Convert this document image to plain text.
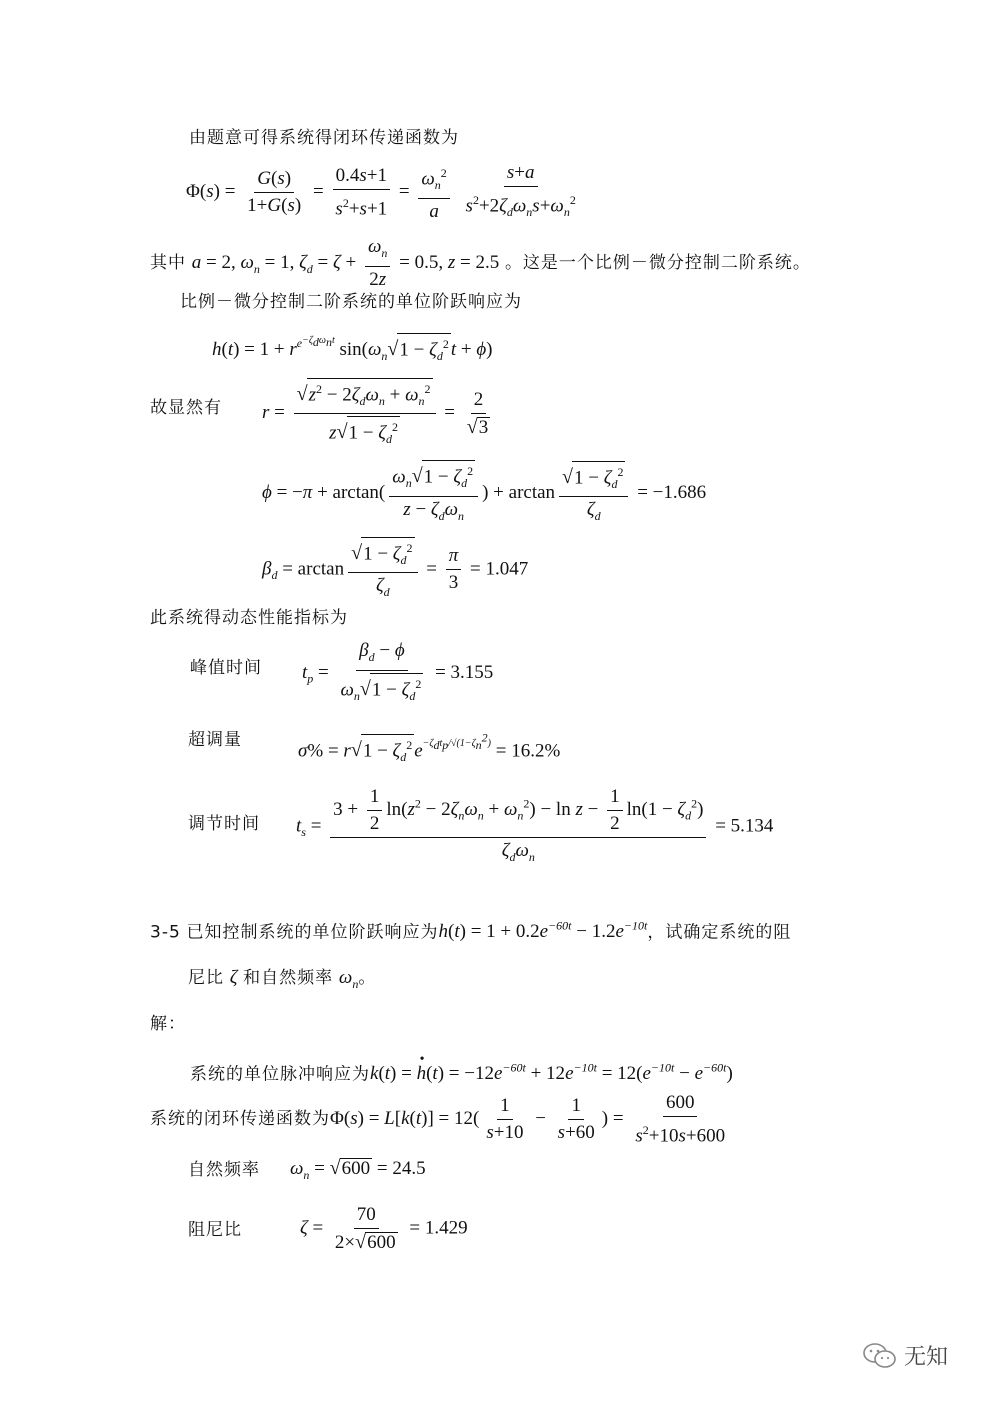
由题意可得系统得闭环传递函数为
$\Phi(s) = \frac{G(s)}{1+G(s)} = \frac{0.4s+1}{s^2+s+1} = \frac{\omega_n^2}{a}$
$\frac{s+a}{s^2+2\zeta_d\omega_ns+\omega_n^2}$
其中 a = 2, $\omega_n = 1$, $\zeta_d = \zeta + \frac{\omega_n}{2z} = 0.5$, z = 2.5 。这是一个比例－微分控制二阶系统。
比例－微分控制二阶系统的单位阶跃响应为
$h(t) = 1 + r^{e-\zeta_d\omega_nt}$ $\sin(\omega_n√1 - \zeta_d^2$ t + ϕ)
故显然有 $r = \frac{√z^2 - 2\zeta_d\omega_n + \omega_n^2}{z√1 - \zeta_d^2} = \frac{2}{√3}$
$\phi = -\pi + \arctan( \frac{\omega_n√1 - \zeta_d^2}{z - \zeta_d\omega_n}$ ) + $\arctan \frac{√1 - \zeta_d^2}{\zeta_d} = -1.686$
$\beta_d = \arctan \frac{√1 - \zeta_d^2}{\zeta_d} = \frac{\pi}{3} = 1.047$
此系统得动态性能指标为
峰值时间 $t_p = \frac{\beta_d - \phi}{\omega_n√1 - \zeta_d^2} = 3.155$
超调量
$\sigma\% = r√1 - \zeta_d^2$ $e^{-\zeta_dt_p/√(1-\zeta_n^2)} = 16.2\%$
调节时间 $t_s = \frac{3 + \frac{1}{2} \ln(z^2 - 2\zeta_n\omega_n + \omega_n^2) - \ln z - \frac{1}{2} \ln(1 - \zeta_d^2)}{\zeta_d\omega_n} = 5.134$
3-5 已知控制系统的单位阶跃响应为$h(t) = 1 + 0.2e^{-60t} - 1.2e^{-10t}$，试确定系统的阻
尼比 ζ 和自然频率 $\omega_n$。
解：
系统的单位脉冲响应为k(t) = h
•
$(t) = -12e^{-60t} + 12e^{-10t} = 12(e^{-10t} - e^{-60t})$
系统的闭环传递函数为$\Phi(s) = L[k(t)] = 12( \frac{1}{s+10} - \frac{1}{s+60}$ ) = $\frac{600}{s^2+10s+600}$
自然频率 $\omega_n = √600 = 24.5$
阻尼比	$\zeta = \frac{70}{2\times√600} = 1.429$
无知
